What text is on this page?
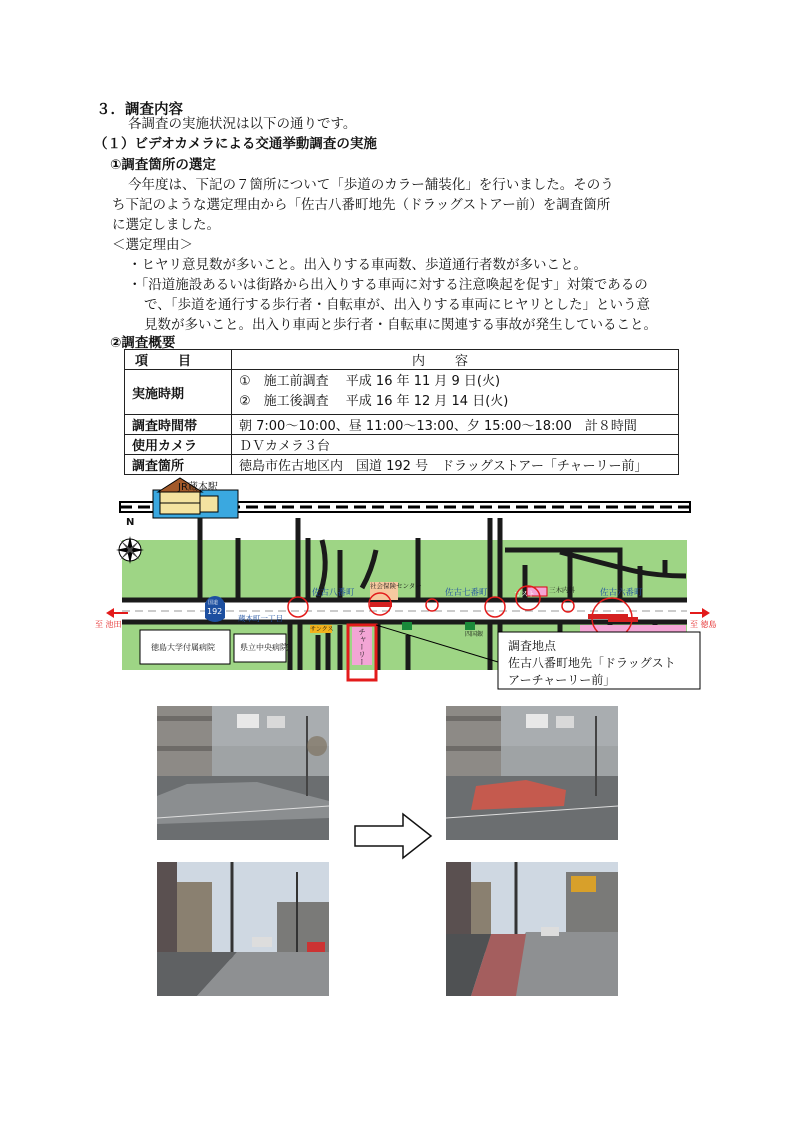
３．調査内容
各調査の実施状況は以下の通りです。
（１）ビデオカメラによる交通挙動調査の実施
①調査箇所の選定
今年度は、下記の７箇所について「歩道のカラー舗装化」を行いました。そのう
ち下記のような選定理由から「佐古八番町地先（ドラッグストアー前）を調査箇所
に選定しました。
＜選定理由＞
・ヒヤリ意見数が多いこと。出入りする車両数、歩道通行者数が多いこと。
・「沿道施設あるいは街路から出入りする車両に対する注意喚起を促す」対策であるの
で、「歩道を通行する歩行者・自転車が、出入りする車両にヒヤリとした」という意
見数が多いこと。出入り車両と歩行者・自転車に関連する事故が発生していること。
②調査概要
項目	内容
実施時期	①　施工前調査　 平成 16 年 11 月 9 日(火)
②　施工後調査　 平成 16 年 12 月 14 日(火)

調査時間帯	朝 7:00〜10:00、昼 11:00〜13:00、夕 15:00〜18:00　計８時間
使用カメラ	ＤＶカメラ３台
調査箇所	徳島市佐古地区内　国道 192 号　ドラッグストアー「チャーリー前」
JR蔵本駅
徳島大学付属病院	県立中央病院
社会保険センター
ガスト 三木内科
サンクス
四国銀
チャーリー
国道
192
佐古八番町	佐古七番町	佐古六番町
蔵本町一丁目
N
至 池田	至 徳島
調査地点
佐古八番町地先「ドラッグスト
アーチャーリー前」
